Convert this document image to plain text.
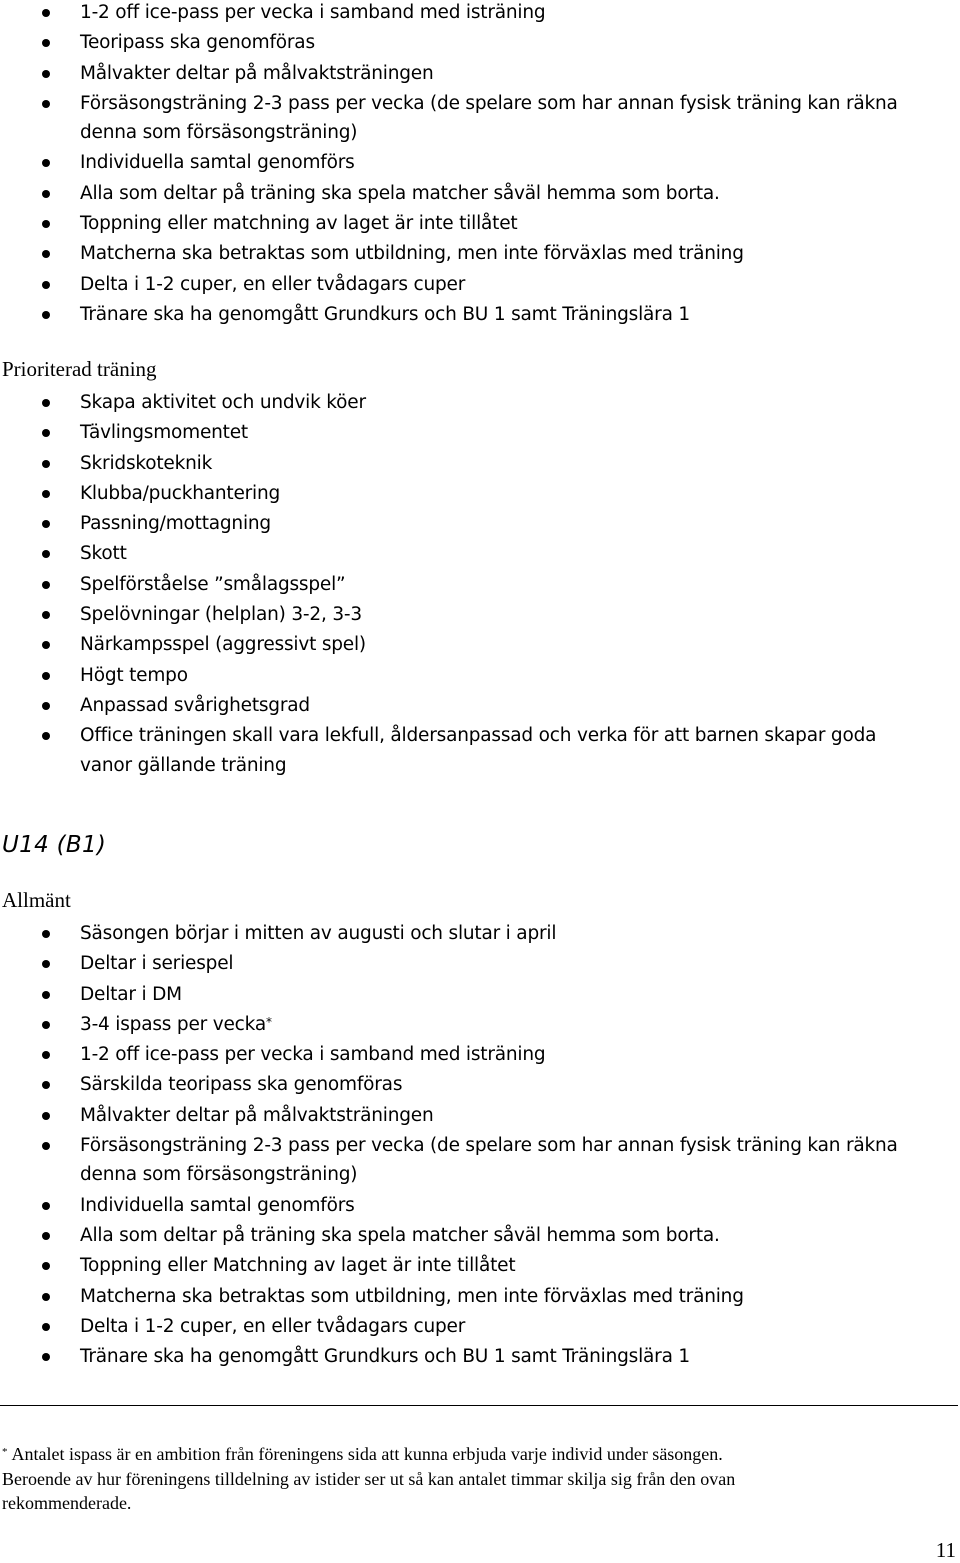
1-2 off ice-pass per vecka i samband med isträning
Teoripass ska genomföras
Målvakter deltar på målvaktsträningen
Försäsongsträning 2-3 pass per vecka (de spelare som har annan fysisk träning kan räkna
denna som försäsongsträning)
Individuella samtal genomförs
Alla som deltar på träning ska spela matcher såväl hemma som borta.
Toppning eller matchning av laget är inte tillåtet
Matcherna ska betraktas som utbildning, men inte förväxlas med träning
Delta i 1-2 cuper, en eller tvådagars cuper
Tränare ska ha genomgått Grundkurs och BU 1 samt Träningslära 1
Prioriterad träning
Skapa aktivitet och undvik köer
Tävlingsmomentet
Skridskoteknik
Klubba/puckhantering
Passning/mottagning
Skott
Spelförståelse ”smålagsspel”
Spelövningar (helplan) 3-2, 3-3
Närkampsspel (aggressivt spel)
Högt tempo
Anpassad svårighetsgrad
Office träningen skall vara lekfull, åldersanpassad och verka för att barnen skapar goda
vanor gällande träning
U14 (B1)
Allmänt
Säsongen börjar i mitten av augusti och slutar i april
Deltar i seriespel
Deltar i DM
3-4 ispass per vecka*
1-2 off ice-pass per vecka i samband med isträning
Särskilda teoripass ska genomföras
Målvakter deltar på målvaktsträningen
Försäsongsträning 2-3 pass per vecka (de spelare som har annan fysisk träning kan räkna
denna som försäsongsträning)
Individuella samtal genomförs
Alla som deltar på träning ska spela matcher såväl hemma som borta.
Toppning eller Matchning av laget är inte tillåtet
Matcherna ska betraktas som utbildning, men inte förväxlas med träning
Delta i 1-2 cuper, en eller tvådagars cuper
Tränare ska ha genomgått Grundkurs och BU 1 samt Träningslära 1
* Antalet ispass är en ambition från föreningens sida att kunna erbjuda varje individ under säsongen.
Beroende av hur föreningens tilldelning av istider ser ut så kan antalet timmar skilja sig från den ovan
rekommenderade.
11
